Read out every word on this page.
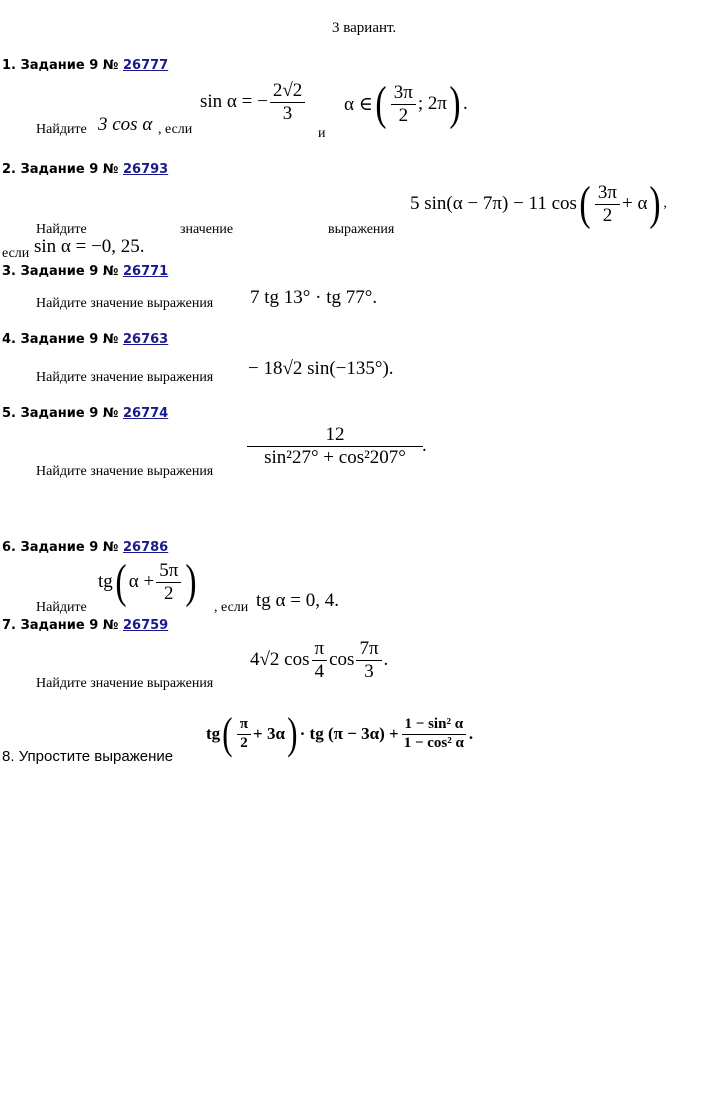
3 вариант.
1. Задание 9 № 26777
Найдите 3 cos α , если
sin α = − $\frac{2√2}{3}$
и
α ∈ ( $\frac{3\pi}{2}$ ; 2π ) .
2. Задание 9 № 26793
Найдите	значение	выражения
5 sin(α − 7π) − 11 cos ( $\frac{3\pi}{2} + \alpha$ ) ,
если sin α = −0, 25.
3. Задание 9 № 26771
Найдите значение выражения 7 tg 13° · tg 77°.
4. Задание 9 № 26763
Найдите значение выражения − 18√2 sin(−135°).
5. Задание 9 № 26774
Найдите значение выражения
$\frac{12}{\text{sin²27° + cos²207°}}$ .
6. Задание 9 № 26786
Найдите
tg ( $\alpha + \frac{5\pi}{2}$ ) , если tg α = 0, 4.
7. Задание 9 № 26759
Найдите значение выражения
4√2 $\cos \frac{\pi}{4}$ $\cos \frac{7\pi}{3}$ .
8. Упростите выражение
tg ( $\frac{\pi}{2} + 3\alpha$ ) · tg $(\pi - 3\alpha) + \frac{\text{1 − sin² α}}{\text{1 − cos² α}}$ .
